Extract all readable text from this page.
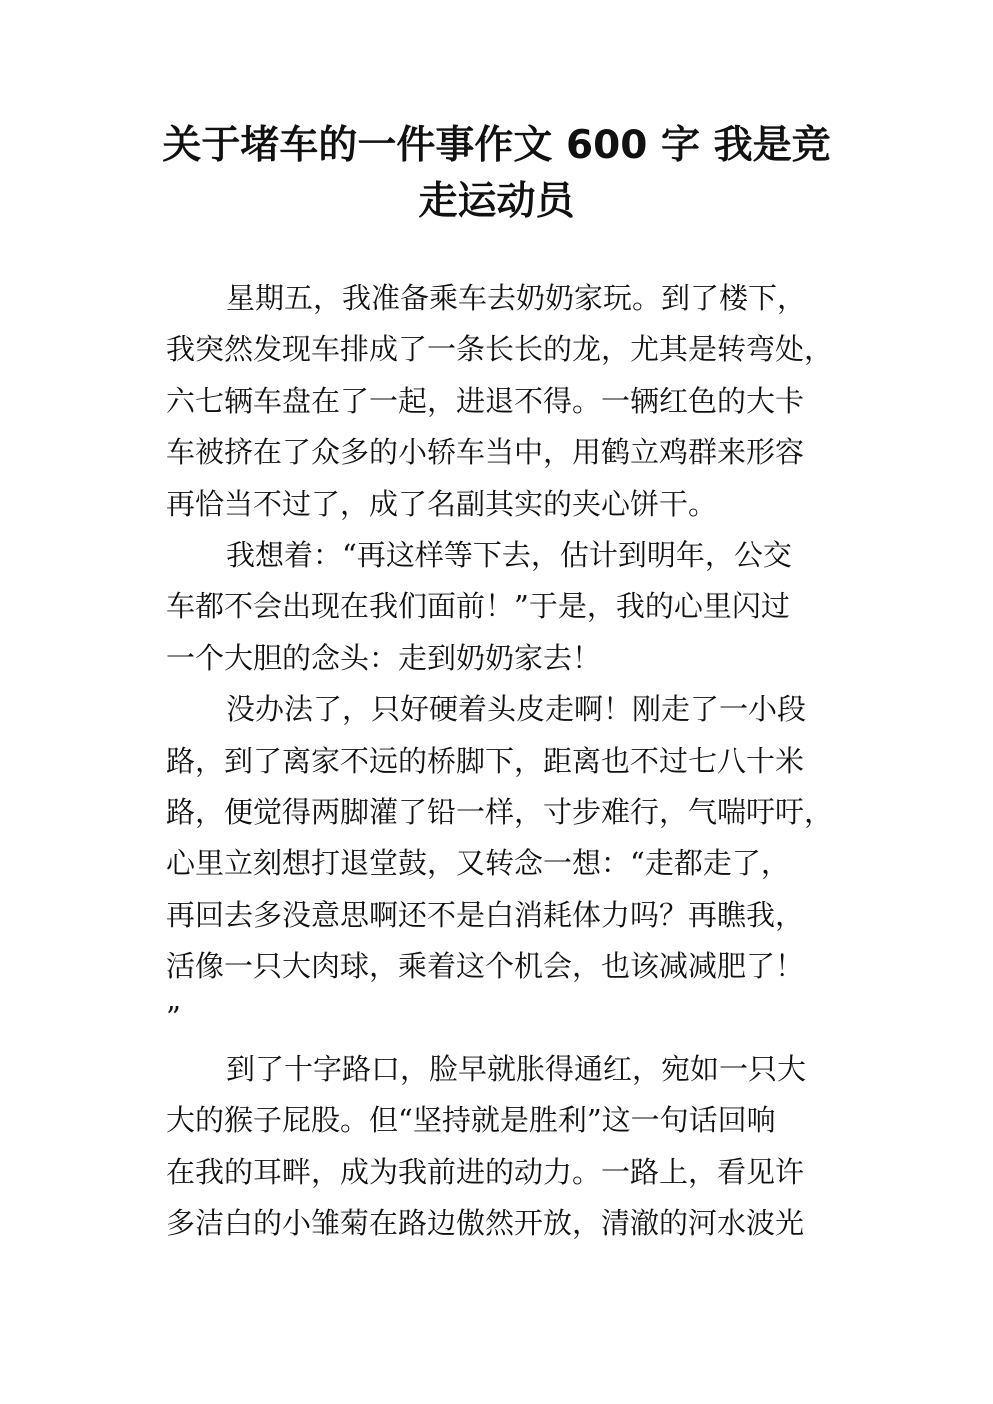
关于堵车的一件事作文 600 字 我是竞
走运动员
星期五，我准备乘车去奶奶家玩。到了楼下，
我突然发现车排成了一条长长的龙，尤其是转弯处，
六七辆车盘在了一起，进退不得。一辆红色的大卡
车被挤在了众多的小轿车当中，用鹤立鸡群来形容
再恰当不过了，成了名副其实的夹心饼干。
我想着：“再这样等下去，估计到明年，公交
车都不会出现在我们面前！”于是，我的心里闪过
一个大胆的念头：走到奶奶家去！
没办法了，只好硬着头皮走啊！刚走了一小段
路，到了离家不远的桥脚下，距离也不过七八十米
路，便觉得两脚灌了铅一样，寸步难行，气喘吁吁，
心里立刻想打退堂鼓，又转念一想：“走都走了，
再回去多没意思啊还不是白消耗体力吗？再瞧我，
活像一只大肉球，乘着这个机会，也该减减肥了！
”
到了十字路口，脸早就胀得通红，宛如一只大
大的猴子屁股。但“坚持就是胜利”这一句话回响
在我的耳畔，成为我前进的动力。一路上，看见许
多洁白的小雏菊在路边傲然开放，清澈的河水波光
